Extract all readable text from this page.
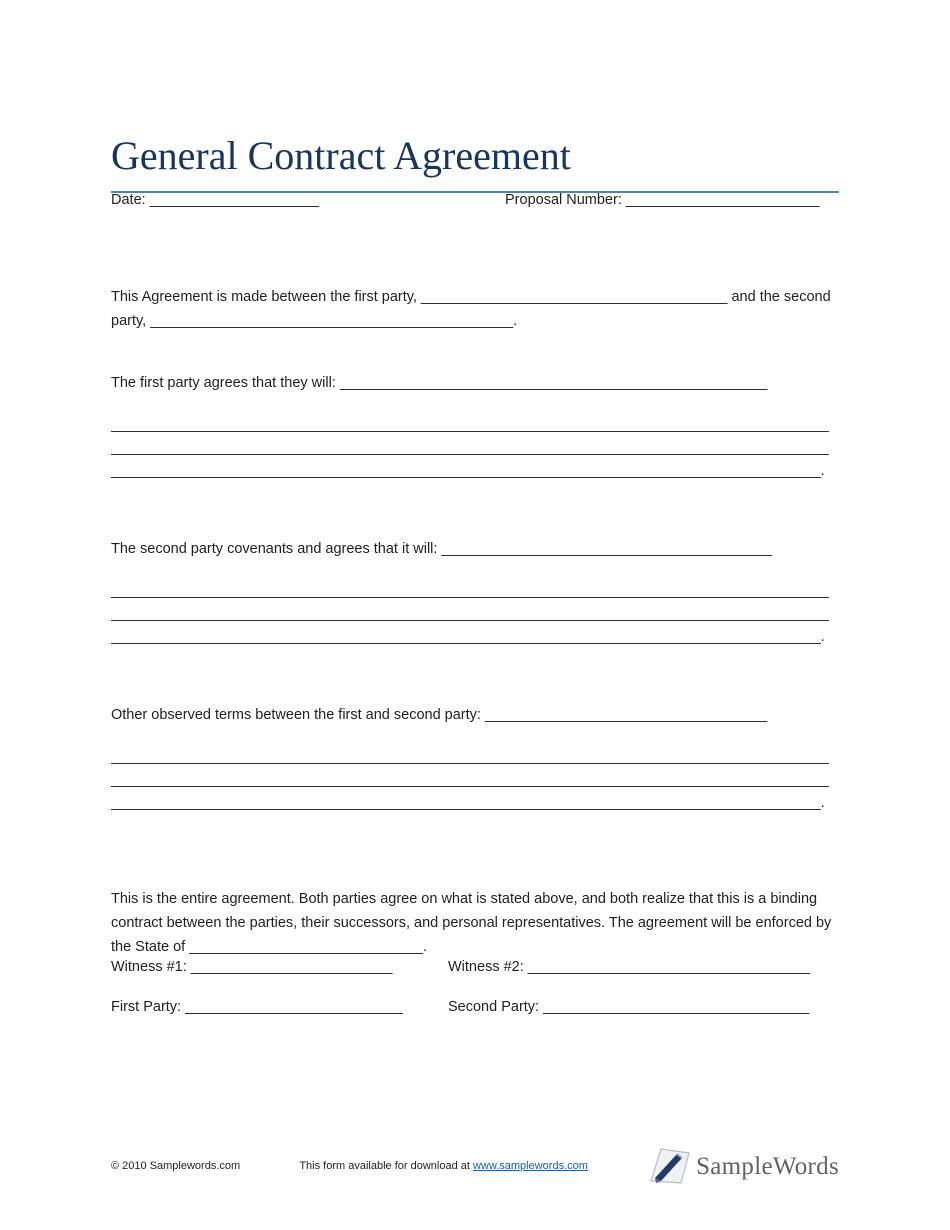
General Contract Agreement
Date: _____________________	Proposal Number: ________________________

This Agreement is made between the first party, ______________________________________ and the second party, _____________________________________________.

The first party agrees that they will: _____________________________________________________
_________________________________________________________________________________________
_________________________________________________________________________________________
________________________________________________________________________________________.
The second party covenants and agrees that it will: _________________________________________
_________________________________________________________________________________________
_________________________________________________________________________________________
________________________________________________________________________________________.
Other observed terms between the first and second party: ___________________________________
_________________________________________________________________________________________
_________________________________________________________________________________________
________________________________________________________________________________________.

This is the entire agreement. Both parties agree on what is stated above, and both realize that this is a binding contract between the parties, their successors, and personal representatives. The agreement will be enforced by the State of _____________________________.

Witness #1: _________________________	Witness #2: ___________________________________
First Party: ___________________________	Second Party: _________________________________
© 2010 Samplewords.com	This form available for download at www.samplewords.com	SampleWords
